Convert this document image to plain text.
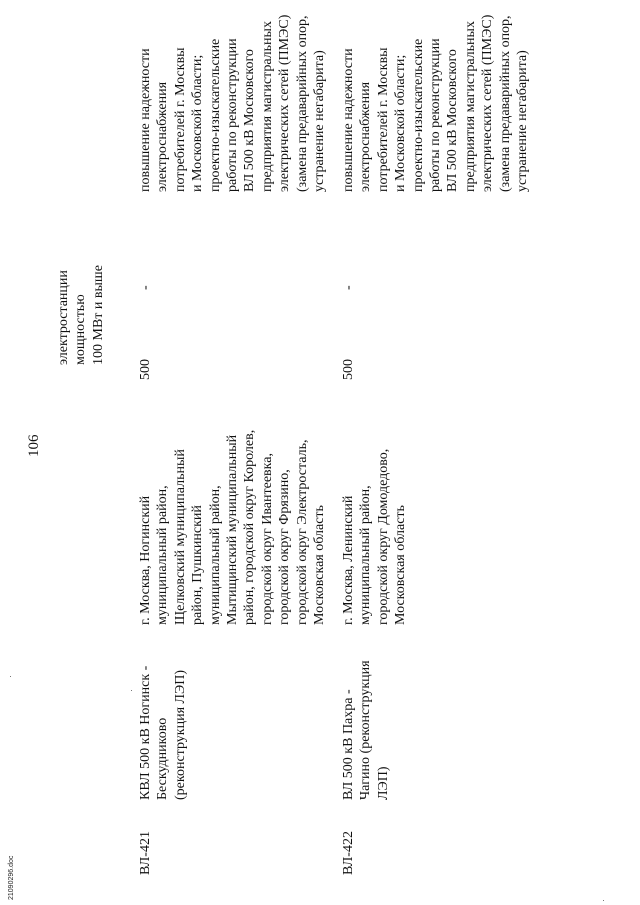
106
электростанции
мощностью
100 МВт и выше
ВЛ-421
КВЛ 500 кВ Ногинск -
Бескудниково
(реконструкция ЛЭП)
г. Москва, Ногинский
муниципальный район,
Щелковский муниципальный
район, Пушкинский
муниципальный район,
Мытищинский муниципальный
район, городской округ Королев,
городской округ Ивантеевка,
городской округ Фрязино,
городской округ Электросталь,
Московская область
500
-
повышение надежности
электроснабжения
потребителей г. Москвы
и Московской области;
проектно-изыскательские
работы по реконструкции
ВЛ 500 кВ Московского
предприятия магистральных
электрических сетей (ПМЭС)
(замена предаварийных опор,
устранение негабарита)
ВЛ-422
ВЛ 500 кВ Пахра -
Чагино (реконструкция
ЛЭП)
г. Москва, Ленинский
муниципальный район,
городской округ Домодедово,
Московская область
500
-
повышение надежности
электроснабжения
потребителей г. Москвы
и Московской области;
проектно-изыскательские
работы по реконструкции
ВЛ 500 кВ Московского
предприятия магистральных
электрических сетей (ПМЭС)
(замена предаварийных опор,
устранение негабарита)
21090296.doc
